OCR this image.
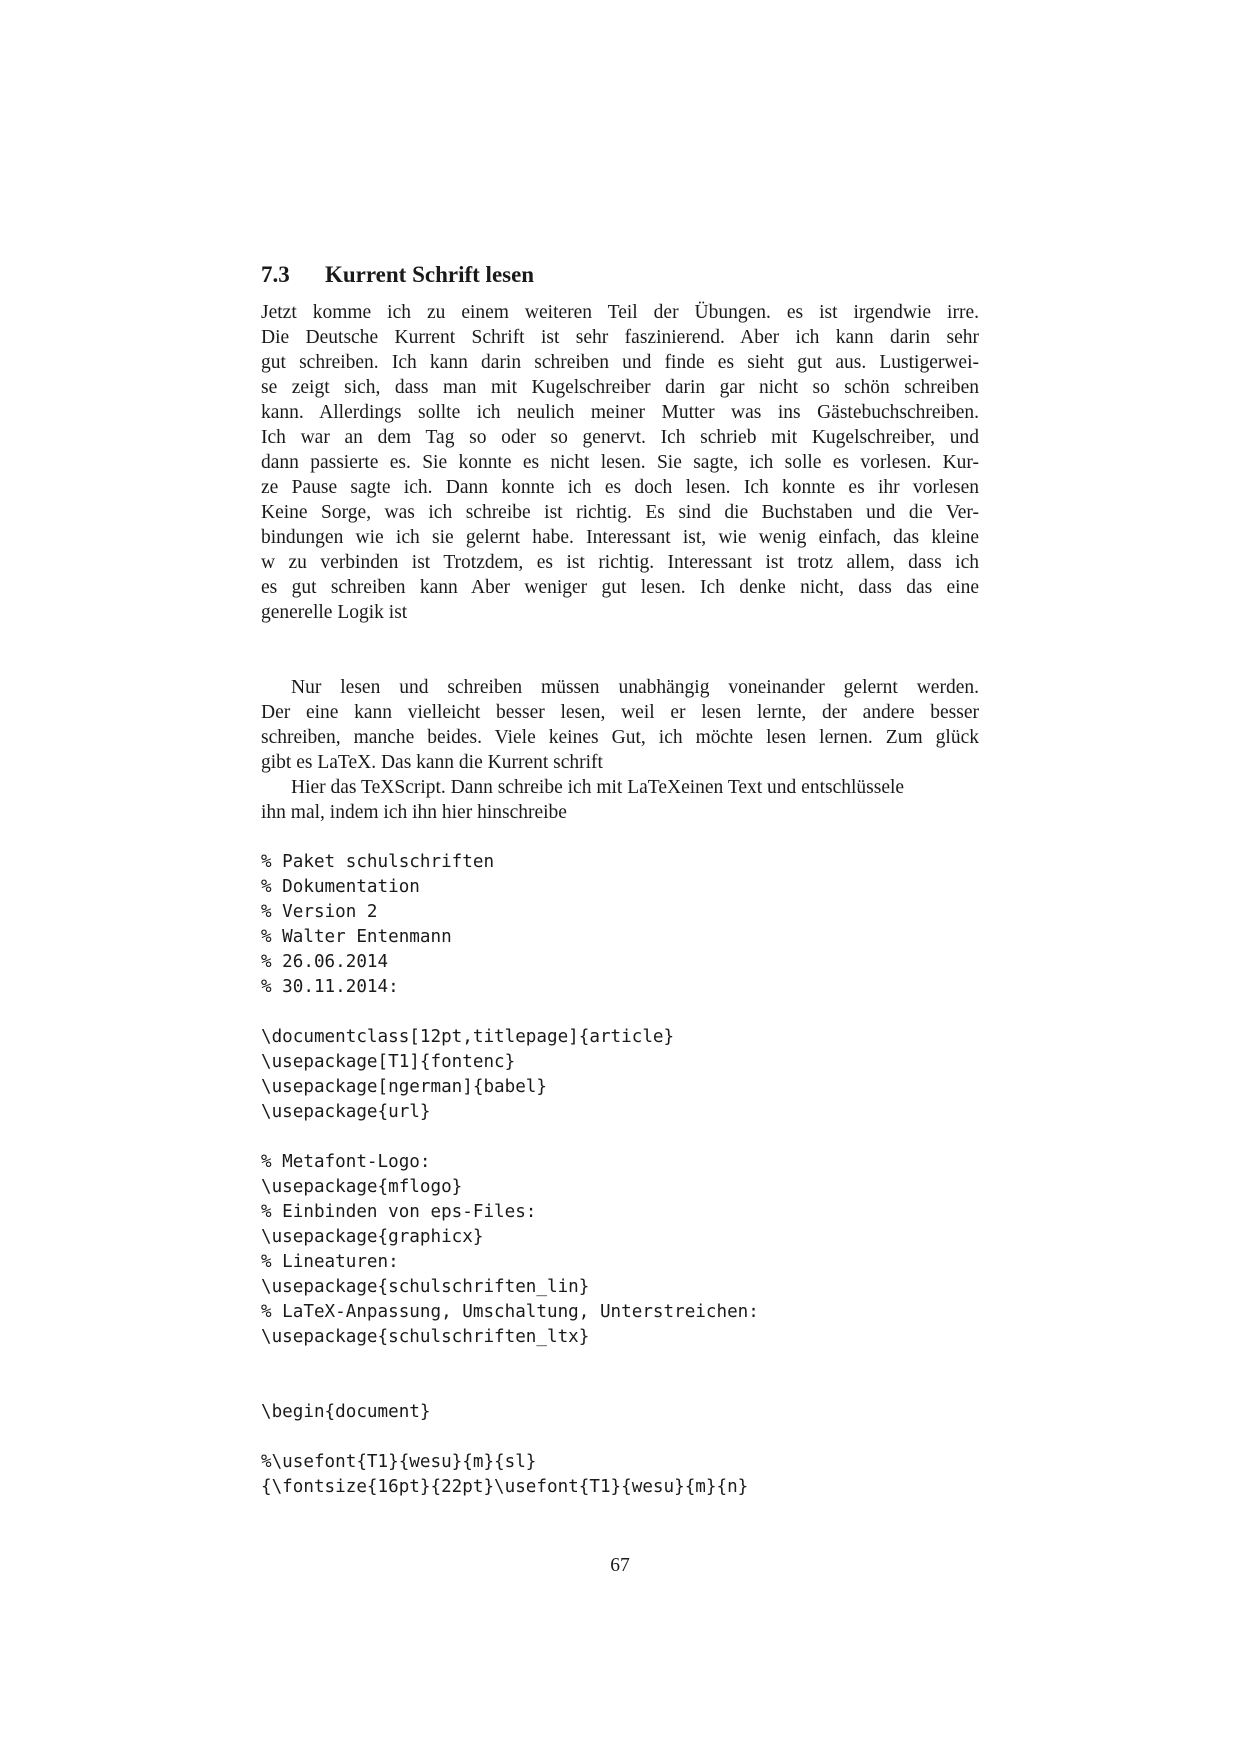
7.3 Kurrent Schrift lesen
Jetzt komme ich zu einem weiteren Teil der Übungen. es ist irgendwie irre.
Die Deutsche Kurrent Schrift ist sehr faszinierend. Aber ich kann darin sehr
gut schreiben. Ich kann darin schreiben und finde es sieht gut aus. Lustigerwei-
se zeigt sich, dass man mit Kugelschreiber darin gar nicht so schön schreiben
kann. Allerdings sollte ich neulich meiner Mutter was ins Gästebuchschreiben.
Ich war an dem Tag so oder so genervt. Ich schrieb mit Kugelschreiber, und
dann passierte es. Sie konnte es nicht lesen. Sie sagte, ich solle es vorlesen. Kur-
ze Pause sagte ich. Dann konnte ich es doch lesen. Ich konnte es ihr vorlesen
Keine Sorge, was ich schreibe ist richtig. Es sind die Buchstaben und die Ver-
bindungen wie ich sie gelernt habe. Interessant ist, wie wenig einfach, das kleine
w zu verbinden ist Trotzdem, es ist richtig. Interessant ist trotz allem, dass ich
es gut schreiben kann Aber weniger gut lesen. Ich denke nicht, dass das eine
generelle Logik ist
Nur lesen und schreiben müssen unabhängig voneinander gelernt werden.
Der eine kann vielleicht besser lesen, weil er lesen lernte, der andere besser
schreiben, manche beides. Viele keines Gut, ich möchte lesen lernen. Zum glück
gibt es LaTeX. Das kann die Kurrent schrift
Hier das TeXScript. Dann schreibe ich mit LaTeXeinen Text und entschlüssele
ihn mal, indem ich ihn hier hinschreibe
% Paket schulschriften
% Dokumentation
% Version 2
% Walter Entenmann
% 26.06.2014
% 30.11.2014:
\documentclass[12pt,titlepage]{article}
\usepackage[T1]{fontenc}
\usepackage[ngerman]{babel}
\usepackage{url}
% Metafont-Logo:
\usepackage{mflogo}
% Einbinden von eps-Files:
\usepackage{graphicx}
% Lineaturen:
\usepackage{schulschriften_lin}
% LaTeX-Anpassung, Umschaltung, Unterstreichen:
\usepackage{schulschriften_ltx}
\begin{document}
%\usefont{T1}{wesu}{m}{sl}
{\fontsize{16pt}{22pt}\usefont{T1}{wesu}{m}{n}
67
